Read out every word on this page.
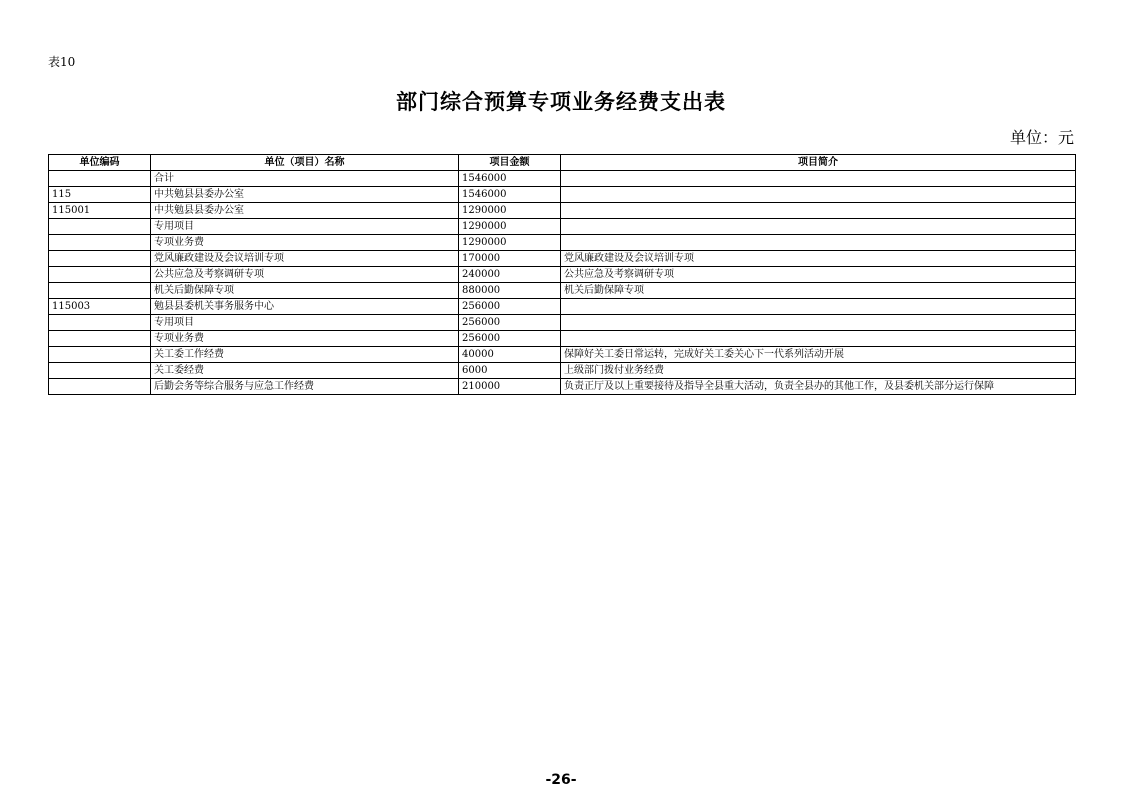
表10
部门综合预算专项业务经费支出表
单位：元
单位编码	单位（项目）名称	项目金额	项目简介
	合计	1546000	
115	中共勉县县委办公室	1546000	
115001	中共勉县县委办公室	1290000	
	专用项目	1290000	
	专项业务费	1290000	
	党风廉政建设及会议培训专项	170000	党风廉政建设及会议培训专项
	公共应急及考察调研专项	240000	公共应急及考察调研专项
	机关后勤保障专项	880000	机关后勤保障专项
115003	勉县县委机关事务服务中心	256000	
	专用项目	256000	
	专项业务费	256000	
	关工委工作经费	40000	保障好关工委日常运转，完成好关工委关心下一代系列活动开展
	关工委经费	6000	上级部门拨付业务经费
	后勤会务等综合服务与应急工作经费	210000	负责正厅及以上重要接待及指导全县重大活动，负责全县办的其他工作，及县委机关部分运行保障
-26-
